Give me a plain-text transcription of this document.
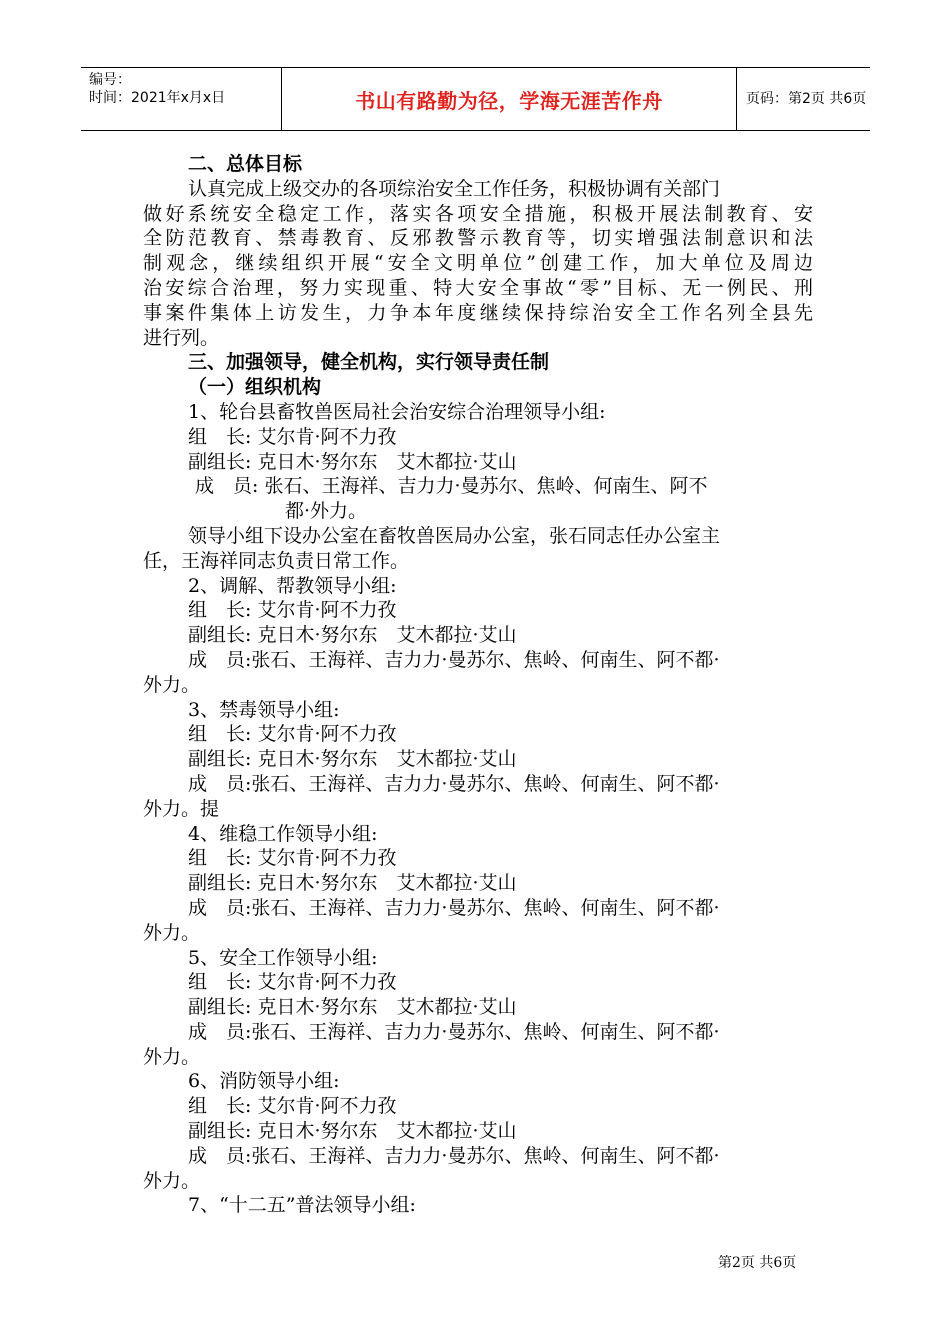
编号：
时间：2021年x月x日	书山有路勤为径，学海无涯苦作舟	页码：第2页 共6页
二、总体目标
认真完成上级交办的各项综治安全工作任务，积极协调有关部门
做好系统安全稳定工作，落实各项安全措施，积极开展法制教育、安
全防范教育、禁毒教育、反邪教警示教育等，切实增强法制意识和法
制观念，继续组织开展“安全文明单位”创建工作，加大单位及周边
治安综合治理，努力实现重、特大安全事故“零”目标、无一例民、刑
事案件集体上访发生，力争本年度继续保持综治安全工作名列全县先
进行列。
三、加强领导，健全机构，实行领导责任制
（一）组织机构
1、轮台县畜牧兽医局社会治安综合治理领导小组:
组　长: 艾尔肯·阿不力孜
副组长: 克日木·努尔东　艾木都拉·艾山
成　员: 张石、王海祥、吉力力·曼苏尔、焦岭、何南生、阿不
都·外力。
领导小组下设办公室在畜牧兽医局办公室，张石同志任办公室主
任，王海祥同志负责日常工作。
2、调解、帮教领导小组:
组　长: 艾尔肯·阿不力孜
副组长: 克日木·努尔东　艾木都拉·艾山
成　员:张石、王海祥、吉力力·曼苏尔、焦岭、何南生、阿不都·
外力。
3、禁毒领导小组:
组　长: 艾尔肯·阿不力孜
副组长: 克日木·努尔东　艾木都拉·艾山
成　员:张石、王海祥、吉力力·曼苏尔、焦岭、何南生、阿不都·
外力。提
4、维稳工作领导小组:
组　长: 艾尔肯·阿不力孜
副组长: 克日木·努尔东　艾木都拉·艾山
成　员:张石、王海祥、吉力力·曼苏尔、焦岭、何南生、阿不都·
外力。
5、安全工作领导小组:
组　长: 艾尔肯·阿不力孜
副组长: 克日木·努尔东　艾木都拉·艾山
成　员:张石、王海祥、吉力力·曼苏尔、焦岭、何南生、阿不都·
外力。
6、消防领导小组:
组　长: 艾尔肯·阿不力孜
副组长: 克日木·努尔东　艾木都拉·艾山
成　员:张石、王海祥、吉力力·曼苏尔、焦岭、何南生、阿不都·
外力。
7、“十二五”普法领导小组:
第2页 共6页
